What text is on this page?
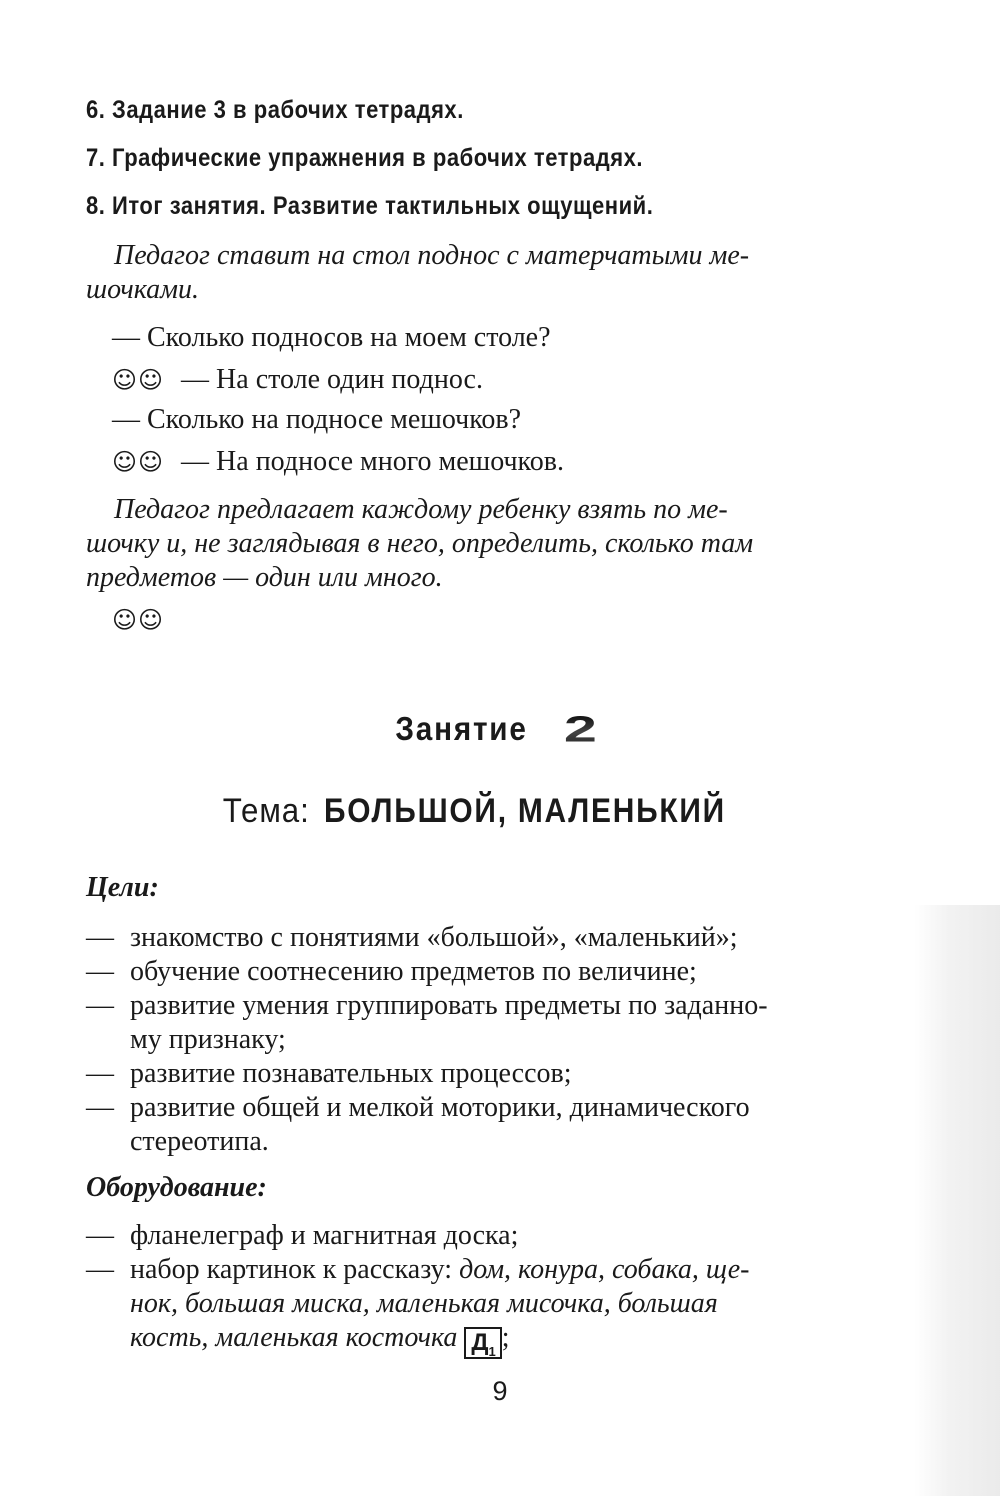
6. Задание 3 в рабочих тетрадях.
7. Графические упражнения в рабочих тетрадях.
8. Итог занятия. Развитие тактильных ощущений.
Педагог ставит на стол поднос с матерчатыми ме-
шочками.
— Сколько подносов на моем столе?
☺☺ — На столе один поднос.
— Сколько на подносе мешочков?
☺☺ — На подносе много мешочков.
Педагог предлагает каждому ребенку взять по ме-
шочку и, не заглядывая в него, определить, сколько там
предметов — один или много.
☺☺
Занятие 2
Тема: БОЛЬШОЙ, МАЛЕНЬКИЙ
Цели:
— знакомство с понятиями «большой», «маленький»;
— обучение соотнесению предметов по величине;
— развитие умения группировать предметы по заданно-
му признаку;
— развитие познавательных процессов;
— развитие общей и мелкой моторики, динамического
стереотипа.
Оборудование:
— фланелеграф и магнитная доска;
— набор картинок к рассказу: дом, конура, собака, ще-
нок, большая миска, маленькая мисочка, большая
кость, маленькая косточка $Д_1$ ;
9
